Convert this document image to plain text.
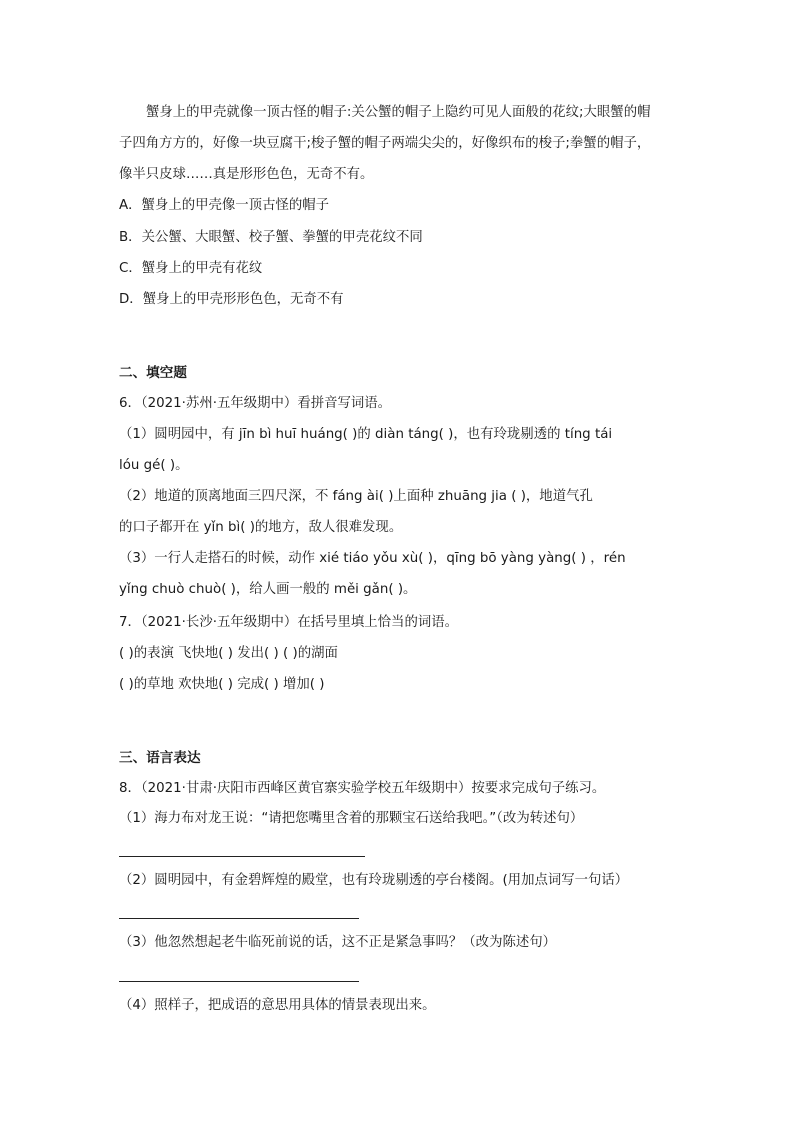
蟹身上的甲壳就像一顶古怪的帽子:关公蟹的帽子上隐约可见人面般的花纹;大眼蟹的帽
子四角方方的，好像一块豆腐干;梭子蟹的帽子两端尖尖的，好像织布的梭子;拳蟹的帽子，
像半只皮球……真是形形色色，无奇不有。
A．蟹身上的甲壳像一顶古怪的帽子
B．关公蟹、大眼蟹、校子蟹、拳蟹的甲壳花纹不同
C．蟹身上的甲壳有花纹
D．蟹身上的甲壳形形色色，无奇不有
二、填空题
6．（2021·苏州·五年级期中）看拼音写词语。
（1）圆明园中，有 jīn bì huī huáng( )的 diàn táng( )，也有玲珑剔透的 tíng tái
lóu gé( )。
（2）地道的顶离地面三四尺深，不 fáng ài( )上面种 zhuāng jia ( )，地道气孔
的口子都开在 yǐn bì( )的地方，敌人很难发现。
（3）一行人走搭石的时候，动作 xié tiáo yǒu xù( )，qīng bō yàng yàng( ) ，rén
yǐng chuò chuò( )，给人画一般的 měi gǎn( )。
7．（2021·长沙·五年级期中）在括号里填上恰当的词语。
( )的表演 飞快地( ) 发出( ) ( )的湖面
( )的草地 欢快地( ) 完成( ) 增加( )
三、语言表达
8．（2021·甘肃·庆阳市西峰区黄官寨实验学校五年级期中）按要求完成句子练习。
（1）海力布对龙王说：“请把您嘴里含着的那颗宝石送给我吧。”（改为转述句）
（2）圆明园中，有金碧辉煌的殿堂，也有玲珑剔透的亭台楼阁。(用加点词写一句话）
（3）他忽然想起老牛临死前说的话，这不正是紧急事吗？（改为陈述句）
（4）照样子，把成语的意思用具体的情景表现出来。
